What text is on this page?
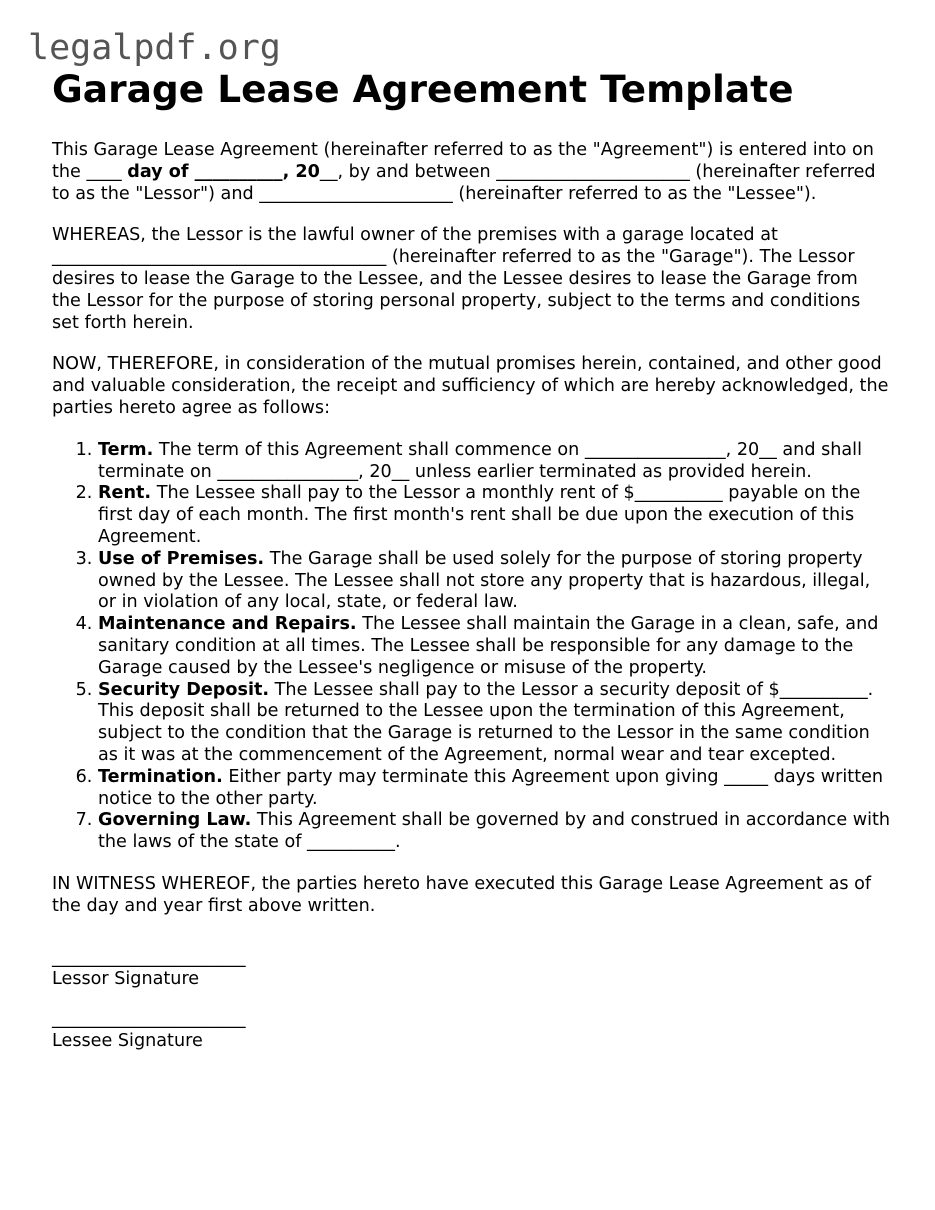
legalpdf.org
Garage Lease Agreement Template

This Garage Lease Agreement (hereinafter referred to as the "Agreement") is entered into on the ____ day of __________, 20__, by and between ______________________ (hereinafter referred to as the "Lessor") and ______________________ (hereinafter referred to as the "Lessee").

WHEREAS, the Lessor is the lawful owner of the premises with a garage located at ______________________________________ (hereinafter referred to as the "Garage"). The Lessor desires to lease the Garage to the Lessee, and the Lessee desires to lease the Garage from the Lessor for the purpose of storing personal property, subject to the terms and conditions set forth herein.

NOW, THEREFORE, in consideration of the mutual promises herein, contained, and other good and valuable consideration, the receipt and sufficiency of which are hereby acknowledged, the parties hereto agree as follows:

1. Term. The term of this Agreement shall commence on ________________, 20__ and shall terminate on ________________, 20__ unless earlier terminated as provided herein.
2. Rent. The Lessee shall pay to the Lessor a monthly rent of $__________ payable on the first day of each month. The first month's rent shall be due upon the execution of this Agreement.
3. Use of Premises. The Garage shall be used solely for the purpose of storing property owned by the Lessee. The Lessee shall not store any property that is hazardous, illegal, or in violation of any local, state, or federal law.
4. Maintenance and Repairs. The Lessee shall maintain the Garage in a clean, safe, and sanitary condition at all times. The Lessee shall be responsible for any damage to the Garage caused by the Lessee's negligence or misuse of the property.
5. Security Deposit. The Lessee shall pay to the Lessor a security deposit of $__________. This deposit shall be returned to the Lessee upon the termination of this Agreement, subject to the condition that the Garage is returned to the Lessor in the same condition as it was at the commencement of the Agreement, normal wear and tear excepted.
6. Termination. Either party may terminate this Agreement upon giving _____ days written notice to the other party.
7. Governing Law. This Agreement shall be governed by and construed in accordance with the laws of the state of __________.

IN WITNESS WHEREOF, the parties hereto have executed this Garage Lease Agreement as of the day and year first above written.

______________________
Lessor Signature
______________________
Lessee Signature
